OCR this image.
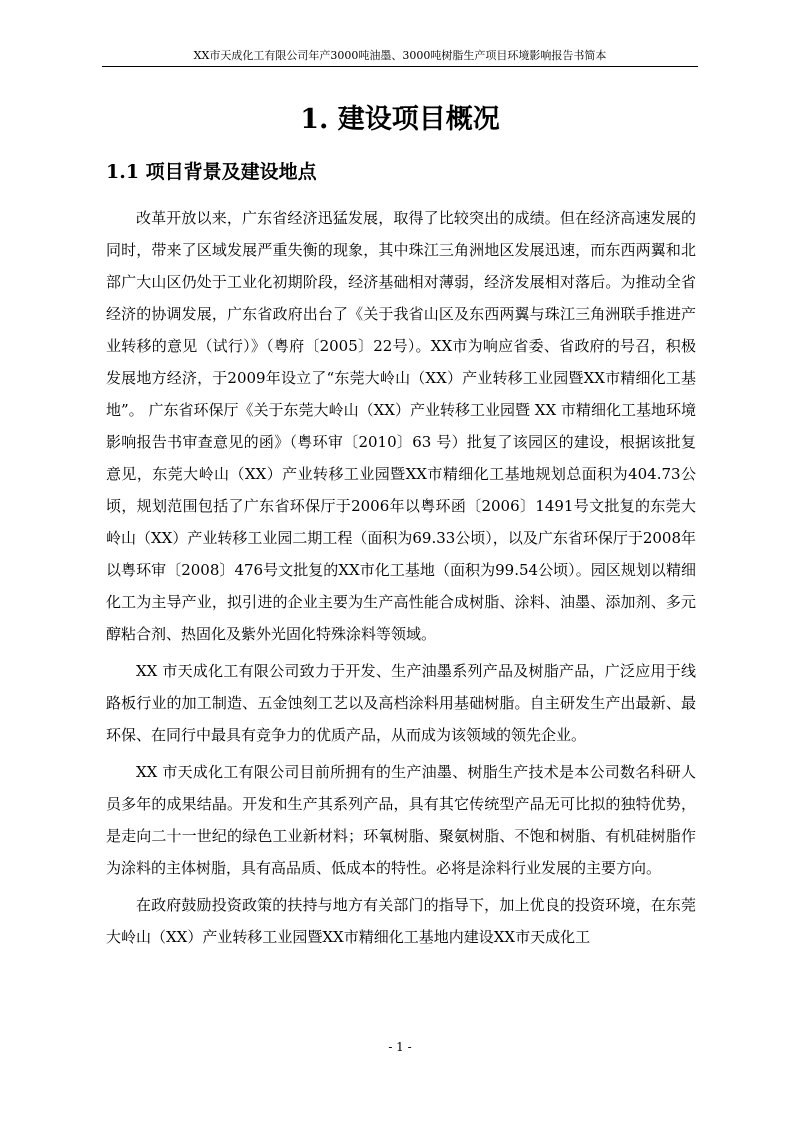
XX市天成化工有限公司年产3000吨油墨、3000吨树脂生产项目环境影响报告书简本
1. 建设项目概况
1.1 项目背景及建设地点

改革开放以来，广东省经济迅猛发展，取得了比较突出的成绩。但在经济高速发展的同时，带来了区域发展严重失衡的现象，其中珠江三角洲地区发展迅速，而东西两翼和北部广大山区仍处于工业化初期阶段，经济基础相对薄弱，经济发展相对落后。为推动全省经济的协调发展，广东省政府出台了《关于我省山区及东西两翼与珠江三角洲联手推进产业转移的意见（试行）》（粤府〔2005〕22号）。XX市为响应省委、省政府的号召，积极发展地方经济，于2009年设立了“东莞大岭山（XX）产业转移工业园暨XX市精细化工基地”。 广东省环保厅《关于东莞大岭山（XX）产业转移工业园暨 XX 市精细化工基地环境影响报告书审查意见的函》（粤环审〔2010〕63 号）批复了该园区的建设，根据该批复意见，东莞大岭山（XX）产业转移工业园暨XX市精细化工基地规划总面积为404.73公顷，规划范围包括了广东省环保厅于2006年以粤环函〔2006〕1491号文批复的东莞大岭山（XX）产业转移工业园二期工程（面积为69.33公顷），以及广东省环保厅于2008年以粤环审〔2008〕476号文批复的XX市化工基地（面积为99.54公顷）。园区规划以精细化工为主导产业，拟引进的企业主要为生产高性能合成树脂、涂料、油墨、添加剂、多元醇粘合剂、热固化及紫外光固化特殊涂料等领域。

XX 市天成化工有限公司致力于开发、生产油墨系列产品及树脂产品，广泛应用于线路板行业的加工制造、五金蚀刻工艺以及高档涂料用基础树脂。自主研发生产出最新、最环保、在同行中最具有竞争力的优质产品，从而成为该领域的领先企业。

XX 市天成化工有限公司目前所拥有的生产油墨、树脂生产技术是本公司数名科研人员多年的成果结晶。开发和生产其系列产品，具有其它传统型产品无可比拟的独特优势，是走向二十一世纪的绿色工业新材料；环氧树脂、聚氨树脂、不饱和树脂、有机硅树脂作为涂料的主体树脂，具有高品质、低成本的特性。必将是涂料行业发展的主要方向。

在政府鼓励投资政策的扶持与地方有关部门的指导下，加上优良的投资环境，在东莞大岭山（XX）产业转移工业园暨XX市精细化工基地内建设XX市天成化工

- 1 -
